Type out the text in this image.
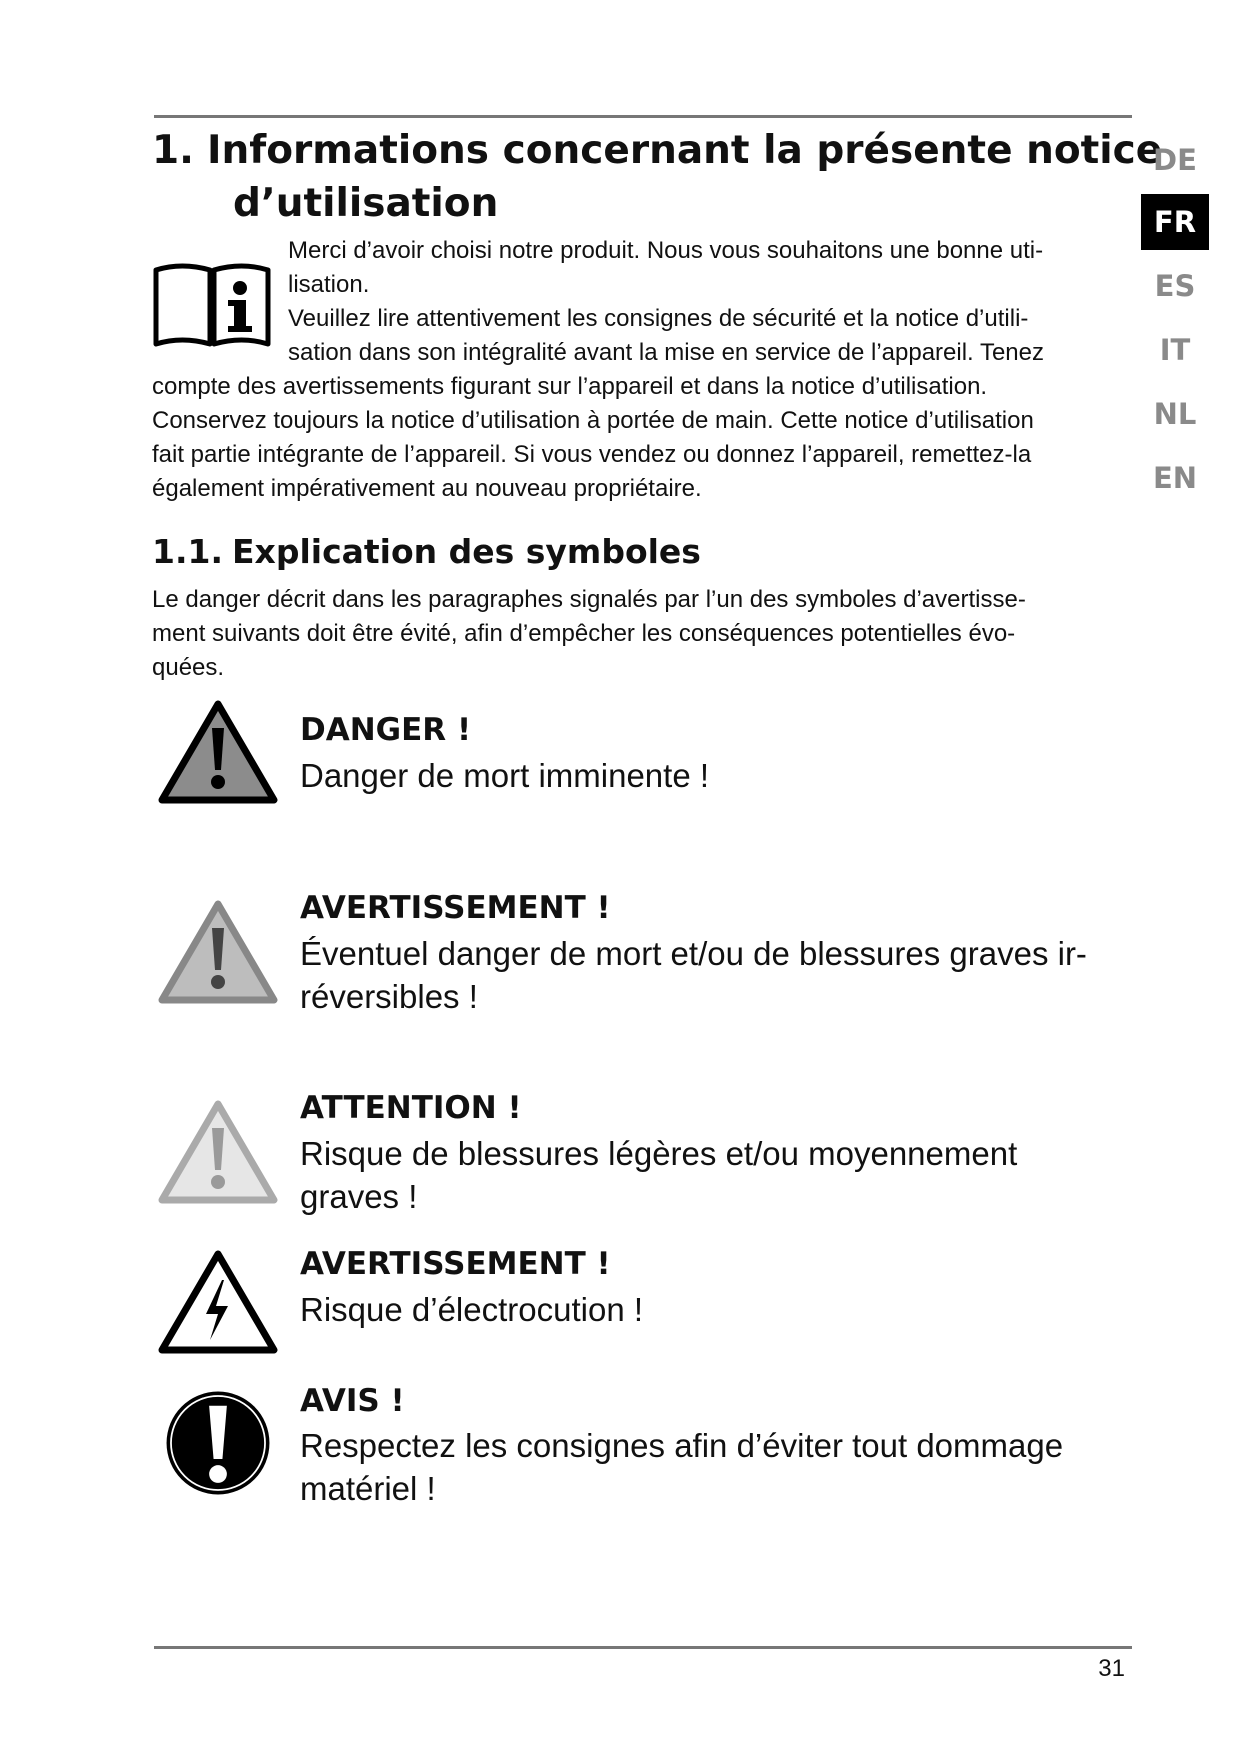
1. Informations concernant la présente notice
d’utilisation
Merci d’avoir choisi notre produit. Nous vous souhaitons une bonne uti-
lisation.
Veuillez lire attentivement les consignes de sécurité et la notice d’utili-
sation dans son intégralité avant la mise en service de l’appareil. Tenez
compte des avertissements figurant sur l’appareil et dans la notice d’utilisation.
Conservez toujours la notice d’utilisation à portée de main. Cette notice d’utilisation
fait partie intégrante de l’appareil. Si vous vendez ou donnez l’appareil, remettez-la
également impérativement au nouveau propriétaire.
1.1. Explication des symboles
Le danger décrit dans les paragraphes signalés par l’un des symboles d’avertisse-
ment suivants doit être évité, afin d’empêcher les conséquences potentielles évo-
quées.
DANGER !
Danger de mort imminente !
AVERTISSEMENT !
Éventuel danger de mort et/ou de blessures graves ir-
réversibles !
ATTENTION !
Risque de blessures légères et/ou moyennement
graves !
AVERTISSEMENT !
Risque d’électrocution !
AVIS !
Respectez les consignes afin d’éviter tout dommage
matériel !
DE
FR
ES
IT
NL
EN
31
